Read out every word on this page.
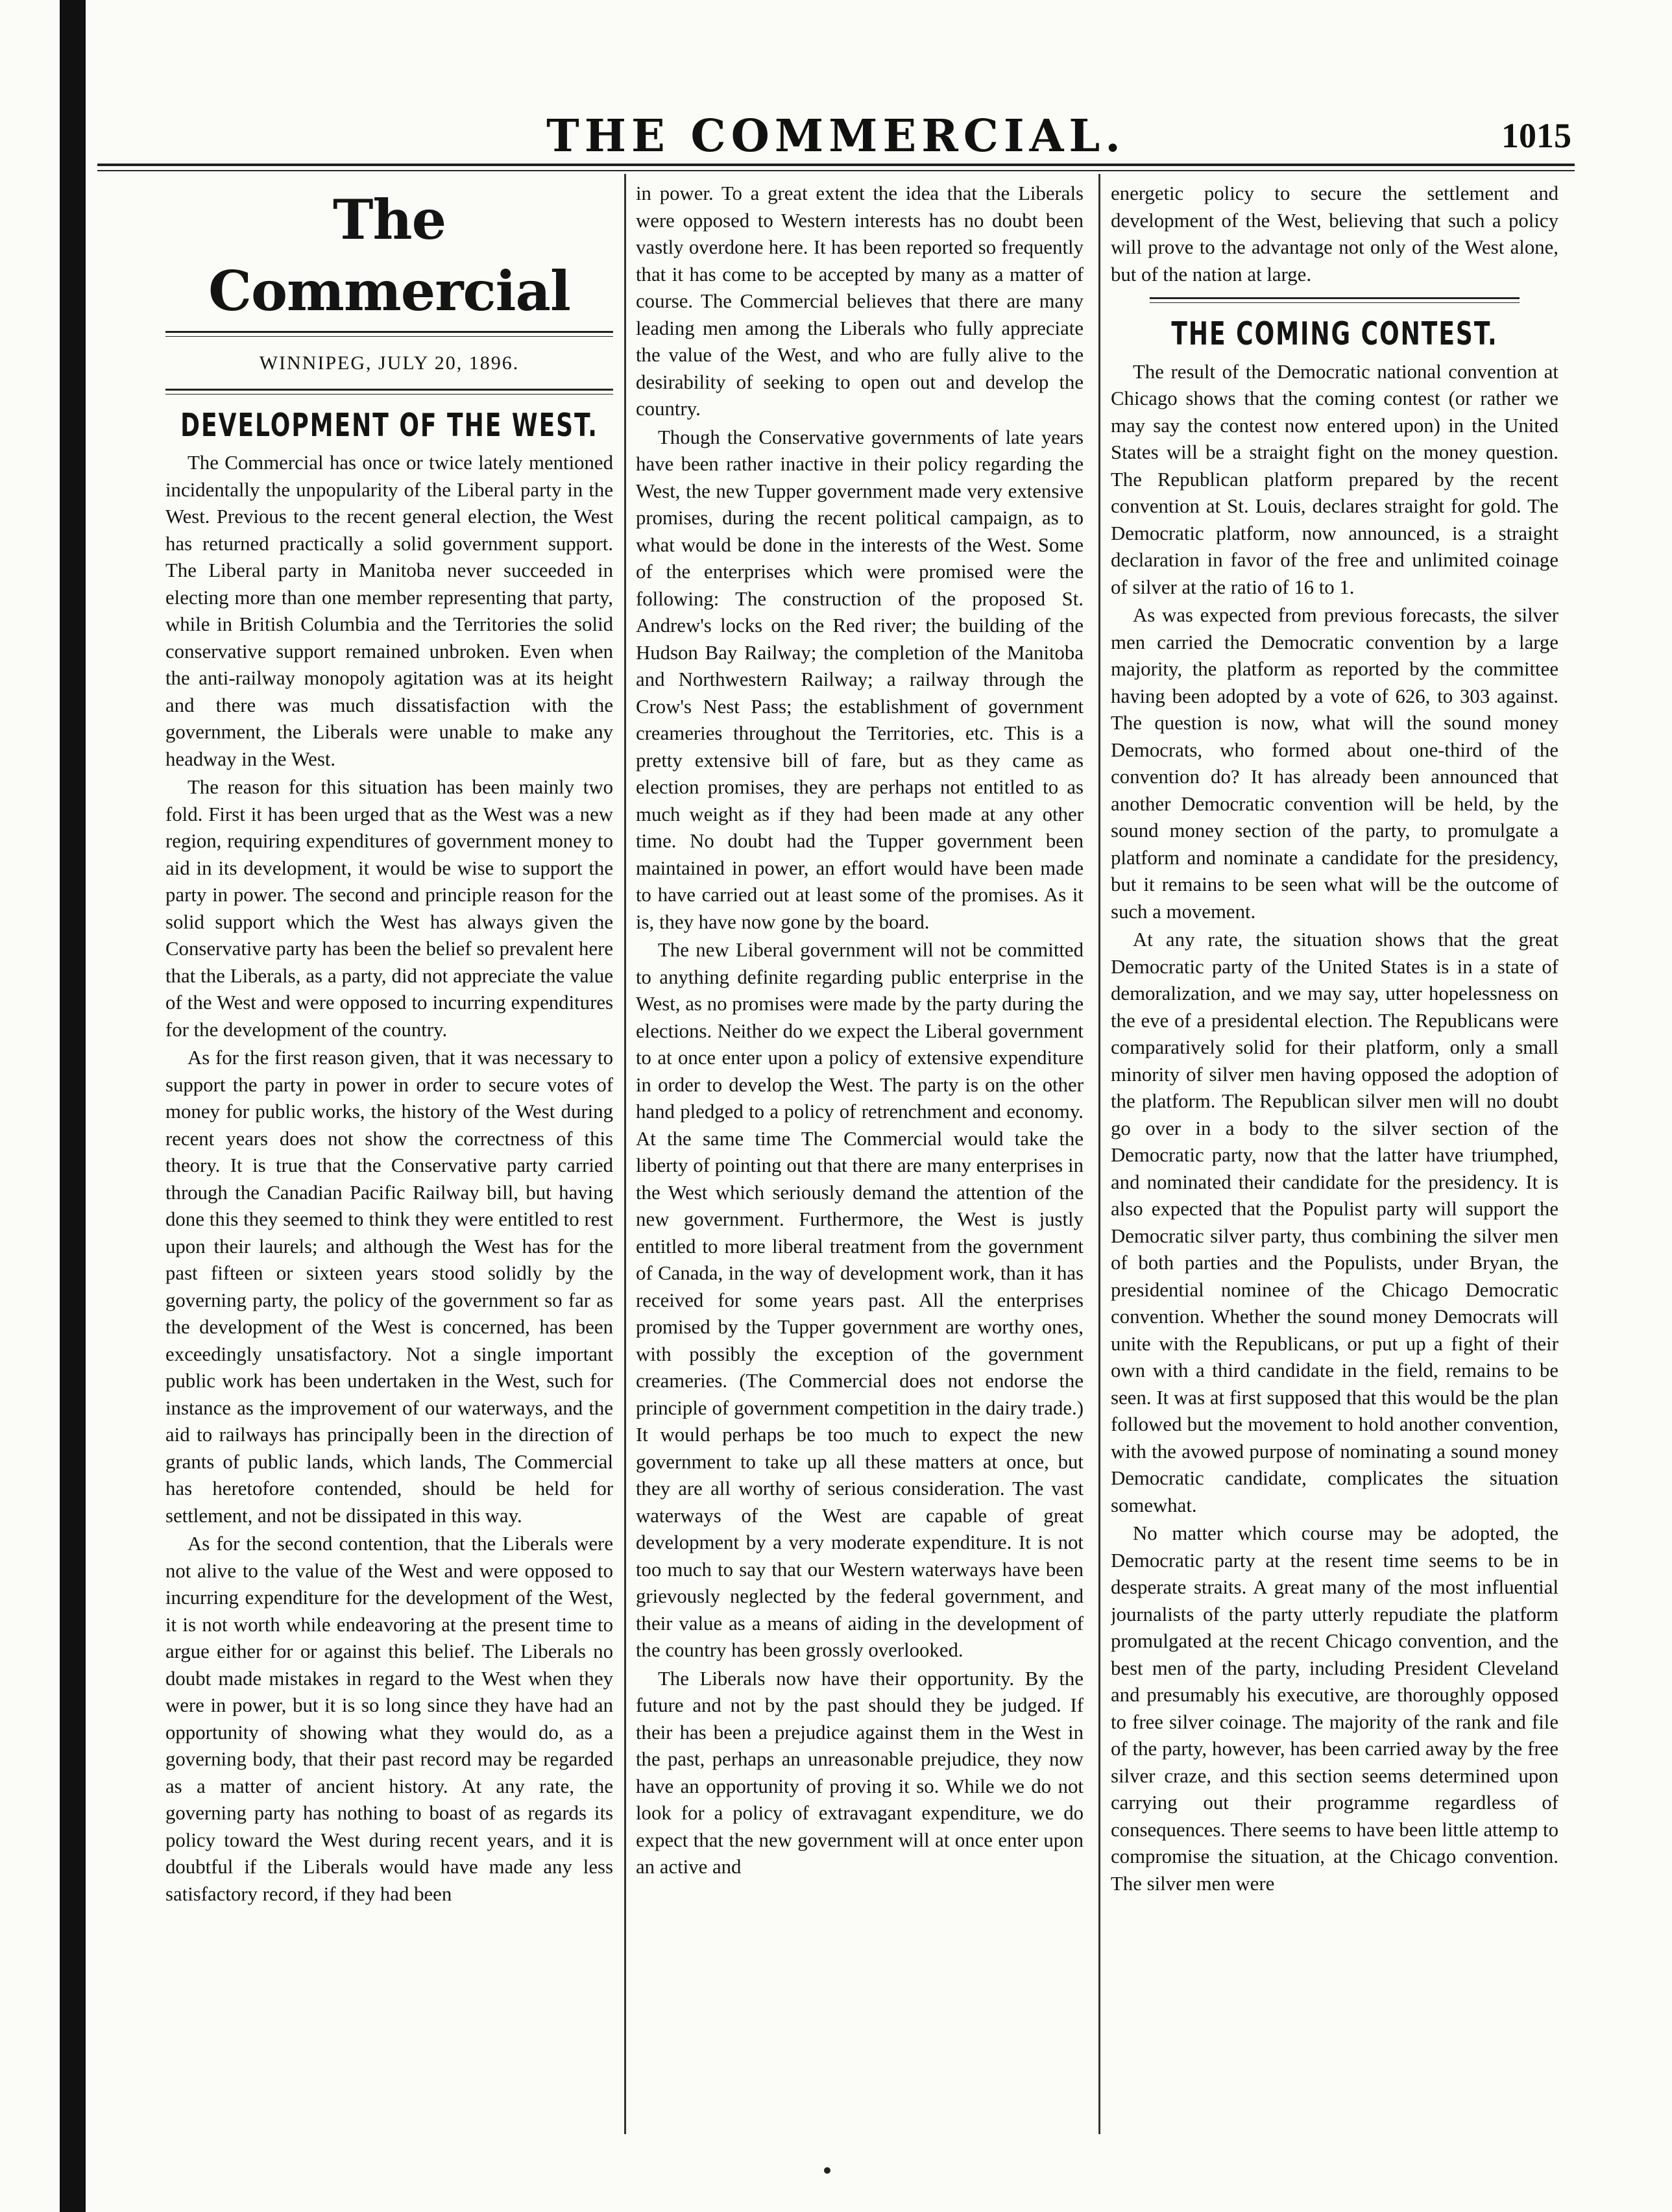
THE COMMERCIAL.	1015
The Commercial
WINNIPEG, JULY 20, 1896.
DEVELOPMENT OF THE WEST.

The Commercial has once or twice lately mentioned incidentally the unpopularity of the Liberal party in the West. Previous to the recent general election, the West has returned practically a solid government support. The Liberal party in Manitoba never succeeded in electing more than one member representing that party, while in British Columbia and the Territories the solid conservative support remained unbroken. Even when the anti-railway monopoly agitation was at its height and there was much dissatisfaction with the government, the Liberals were unable to make any headway in the West.

The reason for this situation has been mainly two fold. First it has been urged that as the West was a new region, requiring expenditures of government money to aid in its development, it would be wise to support the party in power. The second and principle reason for the solid support which the West has always given the Conservative party has been the belief so prevalent here that the Liberals, as a party, did not appreciate the value of the West and were opposed to incurring expenditures for the development of the country.

As for the first reason given, that it was necessary to support the party in power in order to secure votes of money for public works, the history of the West during recent years does not show the correctness of this theory. It is true that the Conservative party carried through the Canadian Pacific Railway bill, but having done this they seemed to think they were entitled to rest upon their laurels; and although the West has for the past fifteen or sixteen years stood solidly by the governing party, the policy of the government so far as the development of the West is concerned, has been exceedingly unsatisfactory. Not a single important public work has been undertaken in the West, such for instance as the improvement of our waterways, and the aid to railways has principally been in the direction of grants of public lands, which lands, The Commercial has heretofore contended, should be held for settlement, and not be dissipated in this way.

As for the second contention, that the Liberals were not alive to the value of the West and were opposed to incurring expenditure for the development of the West, it is not worth while endeavoring at the present time to argue either for or against this belief. The Liberals no doubt made mistakes in regard to the West when they were in power, but it is so long since they have had an opportunity of showing what they would do, as a governing body, that their past record may be regarded as a matter of ancient history. At any rate, the governing party has nothing to boast of as regards its policy toward the West during recent years, and it is doubtful if the Liberals would have made any less satisfactory record, if they had been

in power. To a great extent the idea that the Liberals were opposed to Western interests has no doubt been vastly overdone here. It has been reported so frequently that it has come to be accepted by many as a matter of course. The Commercial believes that there are many leading men among the Liberals who fully appreciate the value of the West, and who are fully alive to the desirability of seeking to open out and develop the country.

Though the Conservative governments of late years have been rather inactive in their policy regarding the West, the new Tupper government made very extensive promises, during the recent political campaign, as to what would be done in the interests of the West. Some of the enterprises which were promised were the following: The construction of the proposed St. Andrew's locks on the Red river; the building of the Hudson Bay Railway; the completion of the Manitoba and Northwestern Railway; a railway through the Crow's Nest Pass; the establishment of government creameries throughout the Territories, etc. This is a pretty extensive bill of fare, but as they came as election promises, they are perhaps not entitled to as much weight as if they had been made at any other time. No doubt had the Tupper government been maintained in power, an effort would have been made to have carried out at least some of the promises. As it is, they have now gone by the board.

The new Liberal government will not be committed to anything definite regarding public enterprise in the West, as no promises were made by the party during the elections. Neither do we expect the Liberal government to at once enter upon a policy of extensive expenditure in order to develop the West. The party is on the other hand pledged to a policy of retrenchment and economy. At the same time The Commercial would take the liberty of pointing out that there are many enterprises in the West which seriously demand the attention of the new government. Furthermore, the West is justly entitled to more liberal treatment from the government of Canada, in the way of development work, than it has received for some years past. All the enterprises promised by the Tupper government are worthy ones, with possibly the exception of the government creameries. (The Commercial does not endorse the principle of government competition in the dairy trade.) It would perhaps be too much to expect the new government to take up all these matters at once, but they are all worthy of serious consideration. The vast waterways of the West are capable of great development by a very moderate expenditure. It is not too much to say that our Western waterways have been grievously neglected by the federal government, and their value as a means of aiding in the development of the country has been grossly overlooked.

The Liberals now have their opportunity. By the future and not by the past should they be judged. If their has been a prejudice against them in the West in the past, perhaps an unreasonable prejudice, they now have an opportunity of proving it so. While we do not look for a policy of extravagant expenditure, we do expect that the new government will at once enter upon an active and

energetic policy to secure the settlement and development of the West, believing that such a policy will prove to the advantage not only of the West alone, but of the nation at large.

THE COMING CONTEST.

The result of the Democratic national convention at Chicago shows that the coming contest (or rather we may say the contest now entered upon) in the United States will be a straight fight on the money question. The Republican platform prepared by the recent convention at St. Louis, declares straight for gold. The Democratic platform, now announced, is a straight declaration in favor of the free and unlimited coinage of silver at the ratio of 16 to 1.

As was expected from previous forecasts, the silver men carried the Democratic convention by a large majority, the platform as reported by the committee having been adopted by a vote of 626, to 303 against. The question is now, what will the sound money Democrats, who formed about one-third of the convention do? It has already been announced that another Democratic convention will be held, by the sound money section of the party, to promulgate a platform and nominate a candidate for the presidency, but it remains to be seen what will be the outcome of such a movement.

At any rate, the situation shows that the great Democratic party of the United States is in a state of demoralization, and we may say, utter hopelessness on the eve of a presidental election. The Republicans were comparatively solid for their platform, only a small minority of silver men having opposed the adoption of the platform. The Republican silver men will no doubt go over in a body to the silver section of the Democratic party, now that the latter have triumphed, and nominated their candidate for the presidency. It is also expected that the Populist party will support the Democratic silver party, thus combining the silver men of both parties and the Populists, under Bryan, the presidential nominee of the Chicago Democratic convention. Whether the sound money Democrats will unite with the Republicans, or put up a fight of their own with a third candidate in the field, remains to be seen. It was at first supposed that this would be the plan followed but the movement to hold another convention, with the avowed purpose of nominating a sound money Democratic candidate, complicates the situation somewhat.

No matter which course may be adopted, the Democratic party at the resent time seems to be in desperate straits. A great many of the most influential journalists of the party utterly repudiate the platform promulgated at the recent Chicago convention, and the best men of the party, including President Cleveland and presumably his executive, are thoroughly opposed to free silver coinage. The majority of the rank and file of the party, however, has been carried away by the free silver craze, and this section seems determined upon carrying out their programme regardless of consequences. There seems to have been little attemp to compromise the situation, at the Chicago convention. The silver men were
